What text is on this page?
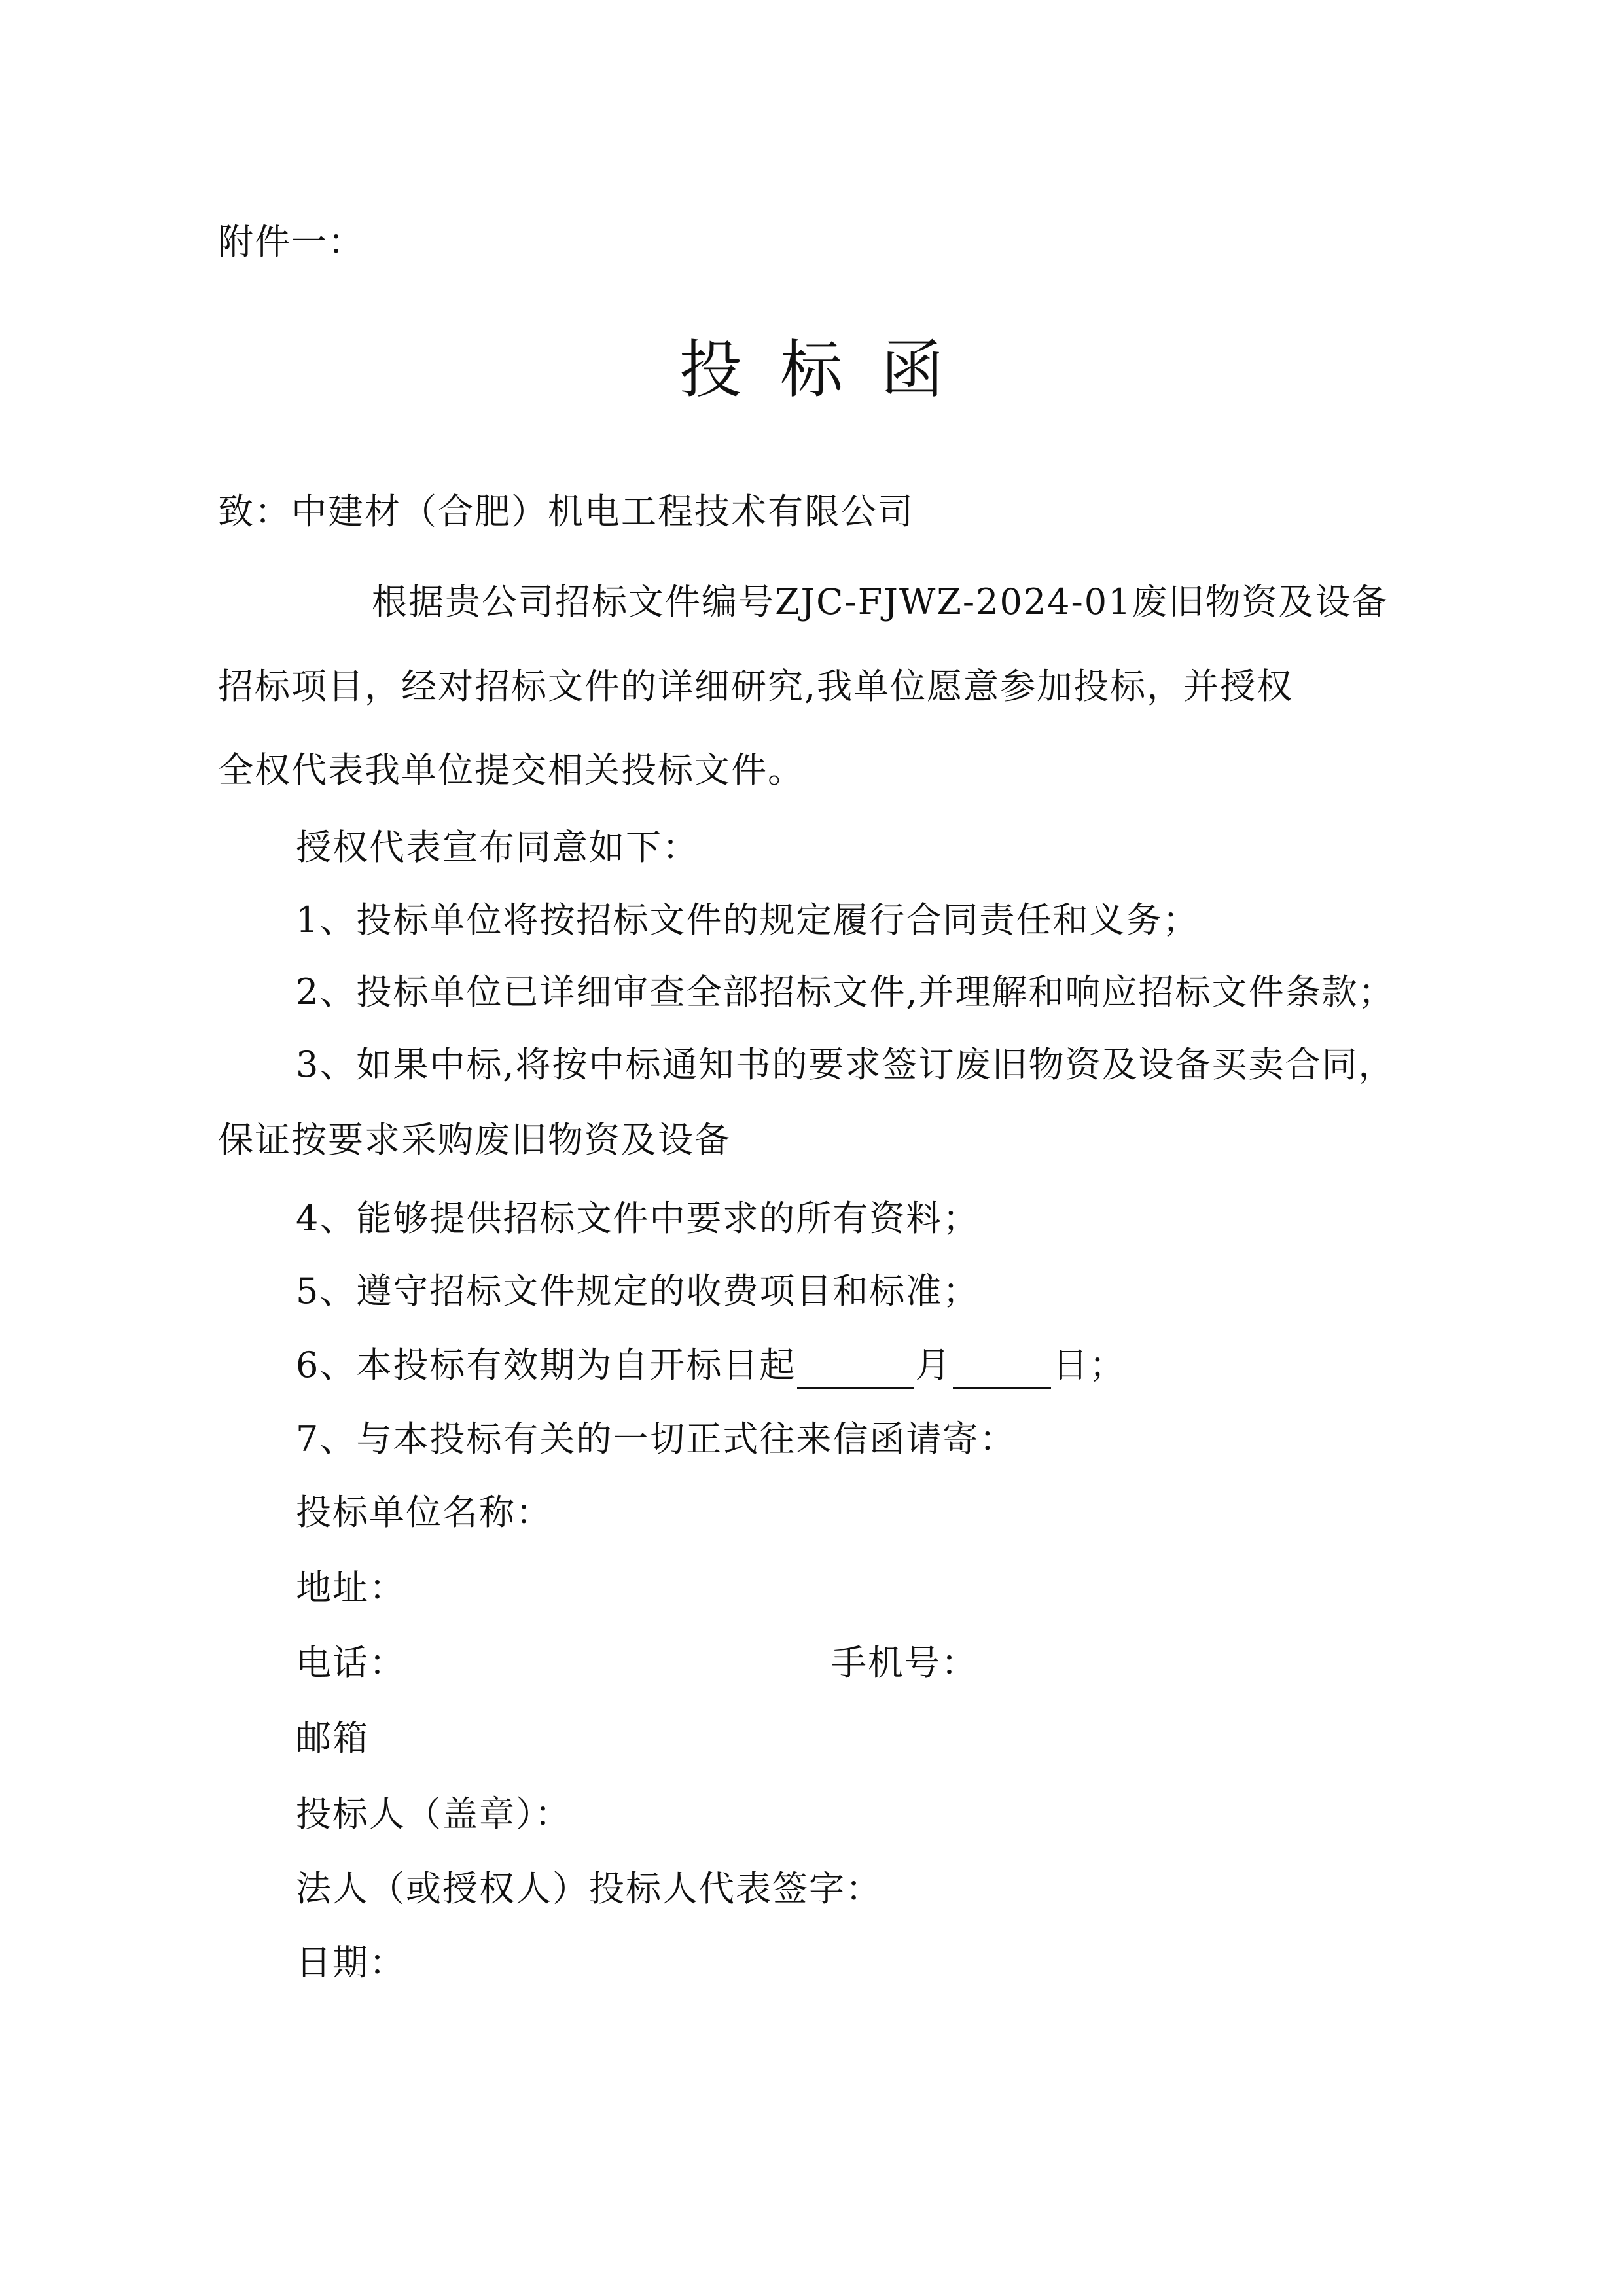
附件一：
投标函
致：中建材（合肥）机电工程技术有限公司
根据贵公司招标文件编号ZJC-FJWZ-2024-01废旧物资及设备
招标项目，经对招标文件的详细研究,我单位愿意参加投标，并授权
全权代表我单位提交相关投标文件。
授权代表宣布同意如下：
1、投标单位将按招标文件的规定履行合同责任和义务；
2、投标单位已详细审查全部招标文件,并理解和响应招标文件条款；
3、如果中标,将按中标通知书的要求签订废旧物资及设备买卖合同，
保证按要求采购废旧物资及设备
4、能够提供招标文件中要求的所有资料；
5、遵守招标文件规定的收费项目和标准；
6、本投标有效期为自开标日起	月	日；
7、与本投标有关的一切正式往来信函请寄：
投标单位名称：
地址：
电话：	手机号：
邮箱
投标人（盖章）：
法人（或授权人）投标人代表签字：
日期：
